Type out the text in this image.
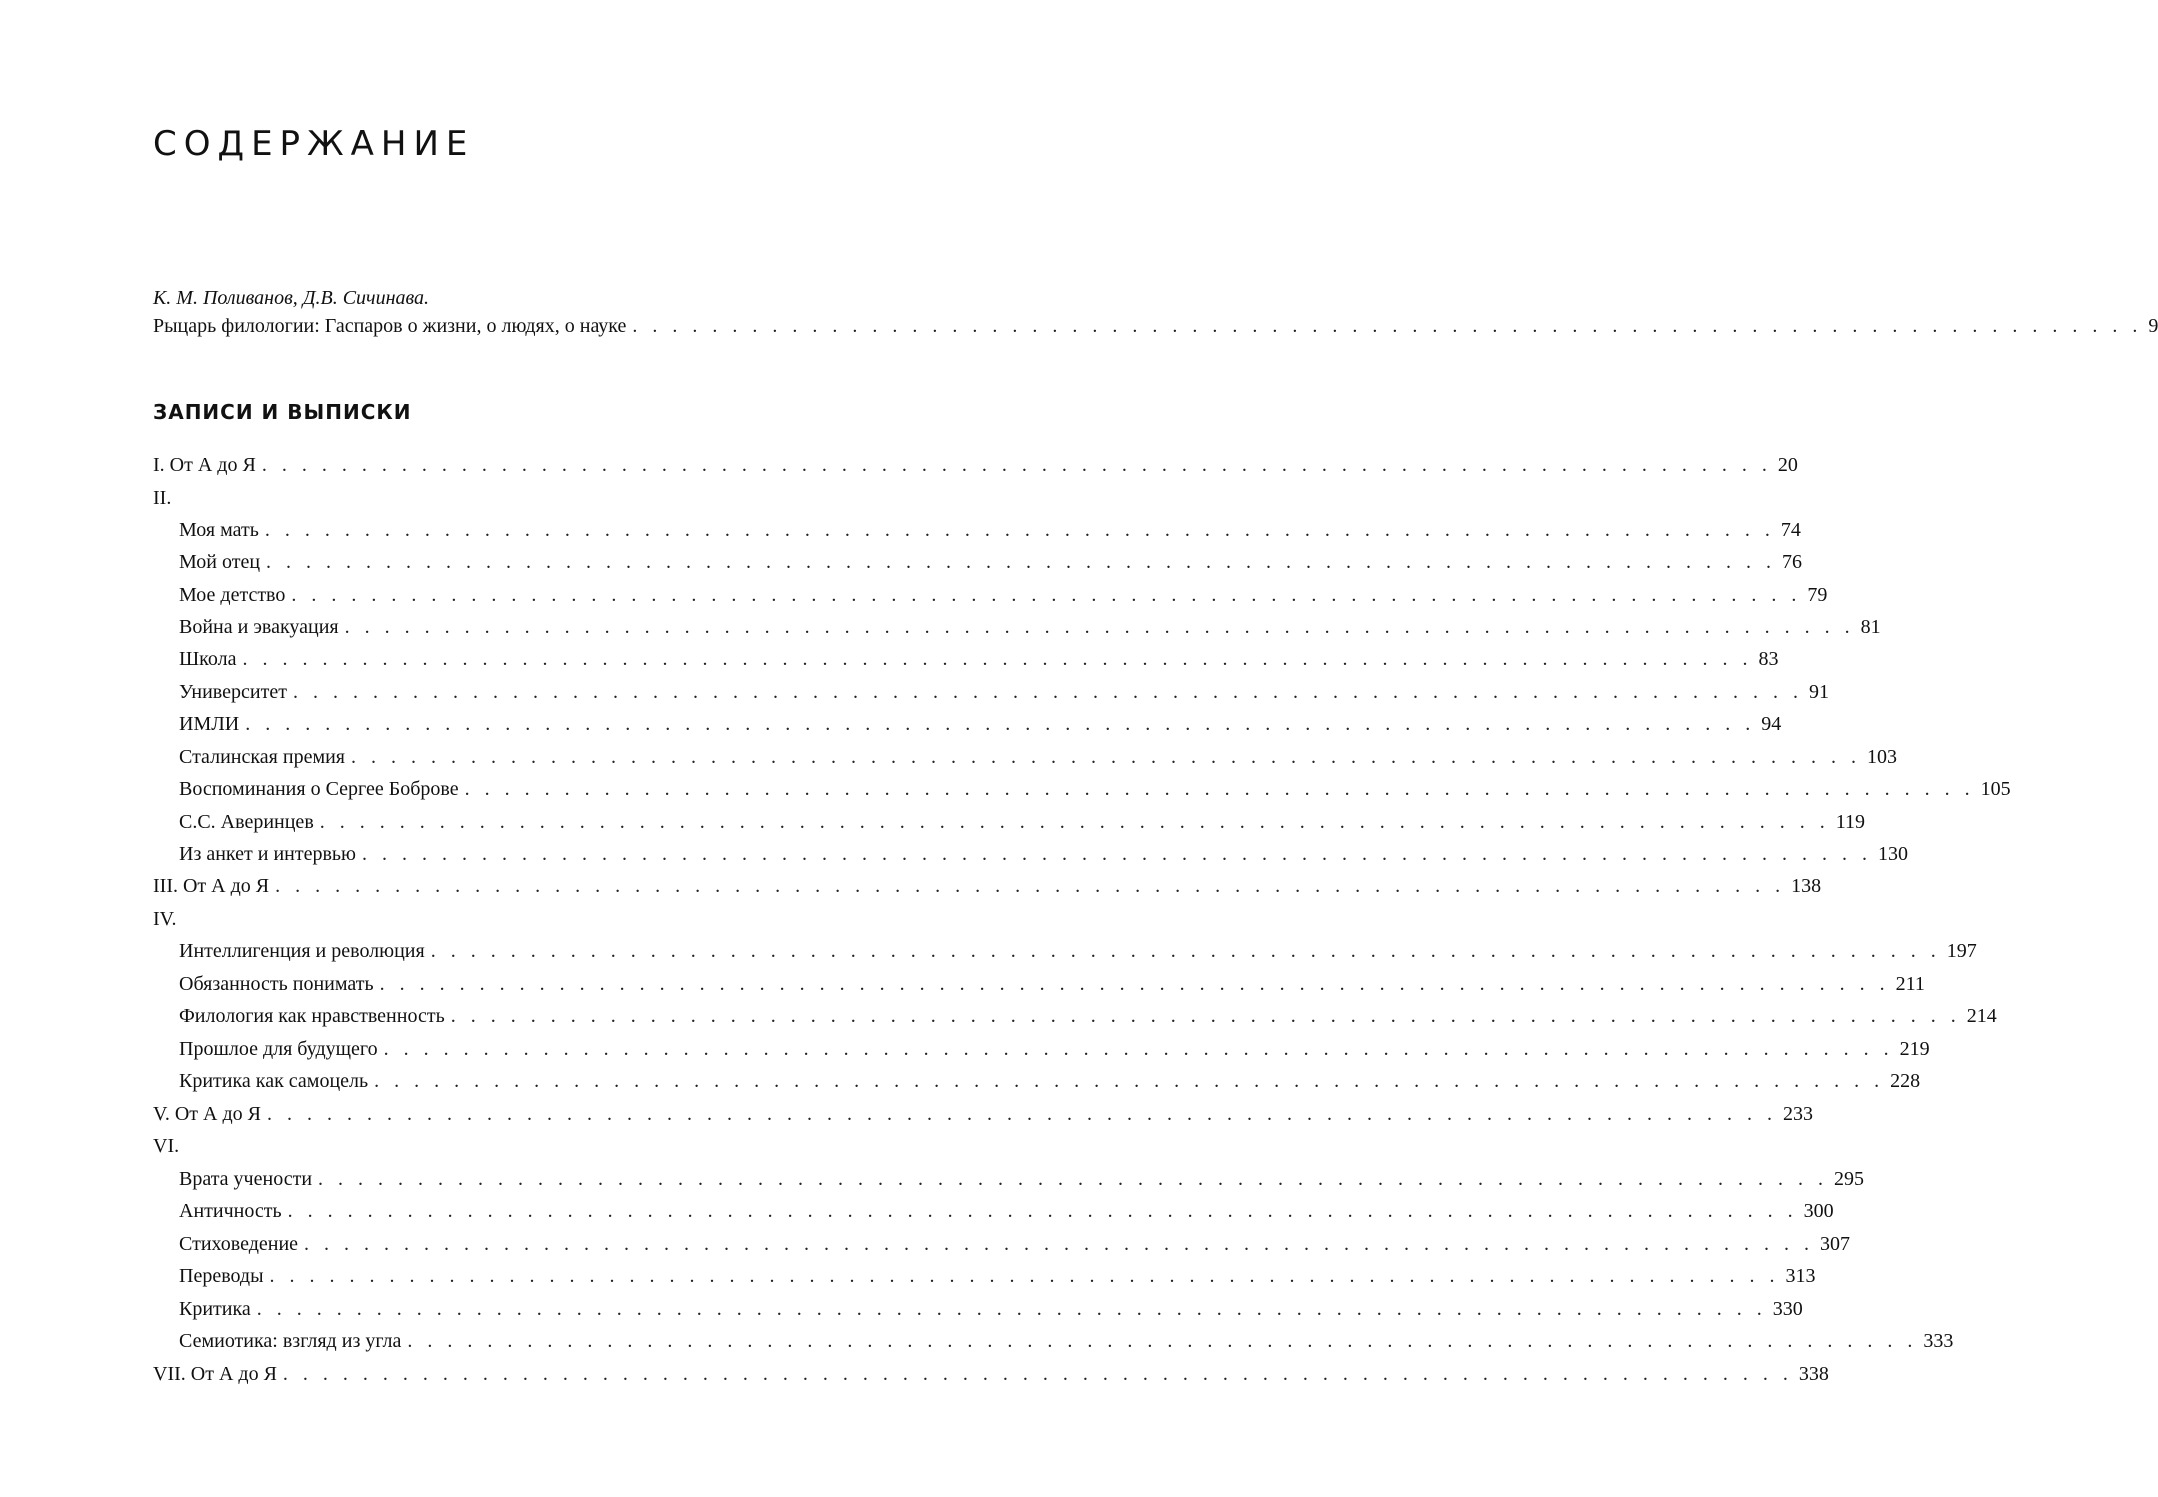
СОДЕРЖАНИЕ
К. М. Поливанов, Д.В. Сичинава.
Рыцарь филологии: Гаспаров о жизни, о людях, о науке . . . . . . . . . . . . . . . . . . . . . . . . . . . . . . . . . . . . . . . . . . . . . . . . . . . . . . . . . . . . . . . . . . . . . . . . . . . . 9
ЗАПИСИ И ВЫПИСКИ
I. От А до Я . . . . . . . . . . . . . . . . . . . . . . . . . . . . . . . . . . . . . . . . . . . . . . . . . . . . . . . . . . . . . . . . . . . . . . . . . . . . 20
II.
Моя мать . . . . . . . . . . . . . . . . . . . . . . . . . . . . . . . . . . . . . . . . . . . . . . . . . . . . . . . . . . . . . . . . . . . . . . . . . . . . 74
Мой отец . . . . . . . . . . . . . . . . . . . . . . . . . . . . . . . . . . . . . . . . . . . . . . . . . . . . . . . . . . . . . . . . . . . . . . . . . . . . 76
Мое детство . . . . . . . . . . . . . . . . . . . . . . . . . . . . . . . . . . . . . . . . . . . . . . . . . . . . . . . . . . . . . . . . . . . . . . . . . . . . 79
Война и эвакуация . . . . . . . . . . . . . . . . . . . . . . . . . . . . . . . . . . . . . . . . . . . . . . . . . . . . . . . . . . . . . . . . . . . . . . . . . . . . 81
Школа . . . . . . . . . . . . . . . . . . . . . . . . . . . . . . . . . . . . . . . . . . . . . . . . . . . . . . . . . . . . . . . . . . . . . . . . . . . . 83
Университет . . . . . . . . . . . . . . . . . . . . . . . . . . . . . . . . . . . . . . . . . . . . . . . . . . . . . . . . . . . . . . . . . . . . . . . . . . . . 91
ИМЛИ . . . . . . . . . . . . . . . . . . . . . . . . . . . . . . . . . . . . . . . . . . . . . . . . . . . . . . . . . . . . . . . . . . . . . . . . . . . . 94
Сталинская премия . . . . . . . . . . . . . . . . . . . . . . . . . . . . . . . . . . . . . . . . . . . . . . . . . . . . . . . . . . . . . . . . . . . . . . . . . . . . 103
Воспоминания о Сергее Боброве . . . . . . . . . . . . . . . . . . . . . . . . . . . . . . . . . . . . . . . . . . . . . . . . . . . . . . . . . . . . . . . . . . . . . . . . . . . . 105
С.С. Аверинцев . . . . . . . . . . . . . . . . . . . . . . . . . . . . . . . . . . . . . . . . . . . . . . . . . . . . . . . . . . . . . . . . . . . . . . . . . . . . 119
Из анкет и интервью . . . . . . . . . . . . . . . . . . . . . . . . . . . . . . . . . . . . . . . . . . . . . . . . . . . . . . . . . . . . . . . . . . . . . . . . . . . . 130
III. От А до Я . . . . . . . . . . . . . . . . . . . . . . . . . . . . . . . . . . . . . . . . . . . . . . . . . . . . . . . . . . . . . . . . . . . . . . . . . . . . 138
IV.
Интеллигенция и революция . . . . . . . . . . . . . . . . . . . . . . . . . . . . . . . . . . . . . . . . . . . . . . . . . . . . . . . . . . . . . . . . . . . . . . . . . . . . 197
Обязанность понимать . . . . . . . . . . . . . . . . . . . . . . . . . . . . . . . . . . . . . . . . . . . . . . . . . . . . . . . . . . . . . . . . . . . . . . . . . . . . 211
Филология как нравственность . . . . . . . . . . . . . . . . . . . . . . . . . . . . . . . . . . . . . . . . . . . . . . . . . . . . . . . . . . . . . . . . . . . . . . . . . . . . 214
Прошлое для будущего . . . . . . . . . . . . . . . . . . . . . . . . . . . . . . . . . . . . . . . . . . . . . . . . . . . . . . . . . . . . . . . . . . . . . . . . . . . . 219
Критика как самоцель . . . . . . . . . . . . . . . . . . . . . . . . . . . . . . . . . . . . . . . . . . . . . . . . . . . . . . . . . . . . . . . . . . . . . . . . . . . . 228
V. От А до Я . . . . . . . . . . . . . . . . . . . . . . . . . . . . . . . . . . . . . . . . . . . . . . . . . . . . . . . . . . . . . . . . . . . . . . . . . . . . 233
VI.
Врата учености . . . . . . . . . . . . . . . . . . . . . . . . . . . . . . . . . . . . . . . . . . . . . . . . . . . . . . . . . . . . . . . . . . . . . . . . . . . . 295
Античность . . . . . . . . . . . . . . . . . . . . . . . . . . . . . . . . . . . . . . . . . . . . . . . . . . . . . . . . . . . . . . . . . . . . . . . . . . . . 300
Стиховедение . . . . . . . . . . . . . . . . . . . . . . . . . . . . . . . . . . . . . . . . . . . . . . . . . . . . . . . . . . . . . . . . . . . . . . . . . . . . 307
Переводы . . . . . . . . . . . . . . . . . . . . . . . . . . . . . . . . . . . . . . . . . . . . . . . . . . . . . . . . . . . . . . . . . . . . . . . . . . . . 313
Критика . . . . . . . . . . . . . . . . . . . . . . . . . . . . . . . . . . . . . . . . . . . . . . . . . . . . . . . . . . . . . . . . . . . . . . . . . . . . 330
Семиотика: взгляд из угла . . . . . . . . . . . . . . . . . . . . . . . . . . . . . . . . . . . . . . . . . . . . . . . . . . . . . . . . . . . . . . . . . . . . . . . . . . . . 333
VII. От А до Я . . . . . . . . . . . . . . . . . . . . . . . . . . . . . . . . . . . . . . . . . . . . . . . . . . . . . . . . . . . . . . . . . . . . . . . . . . . . 338
